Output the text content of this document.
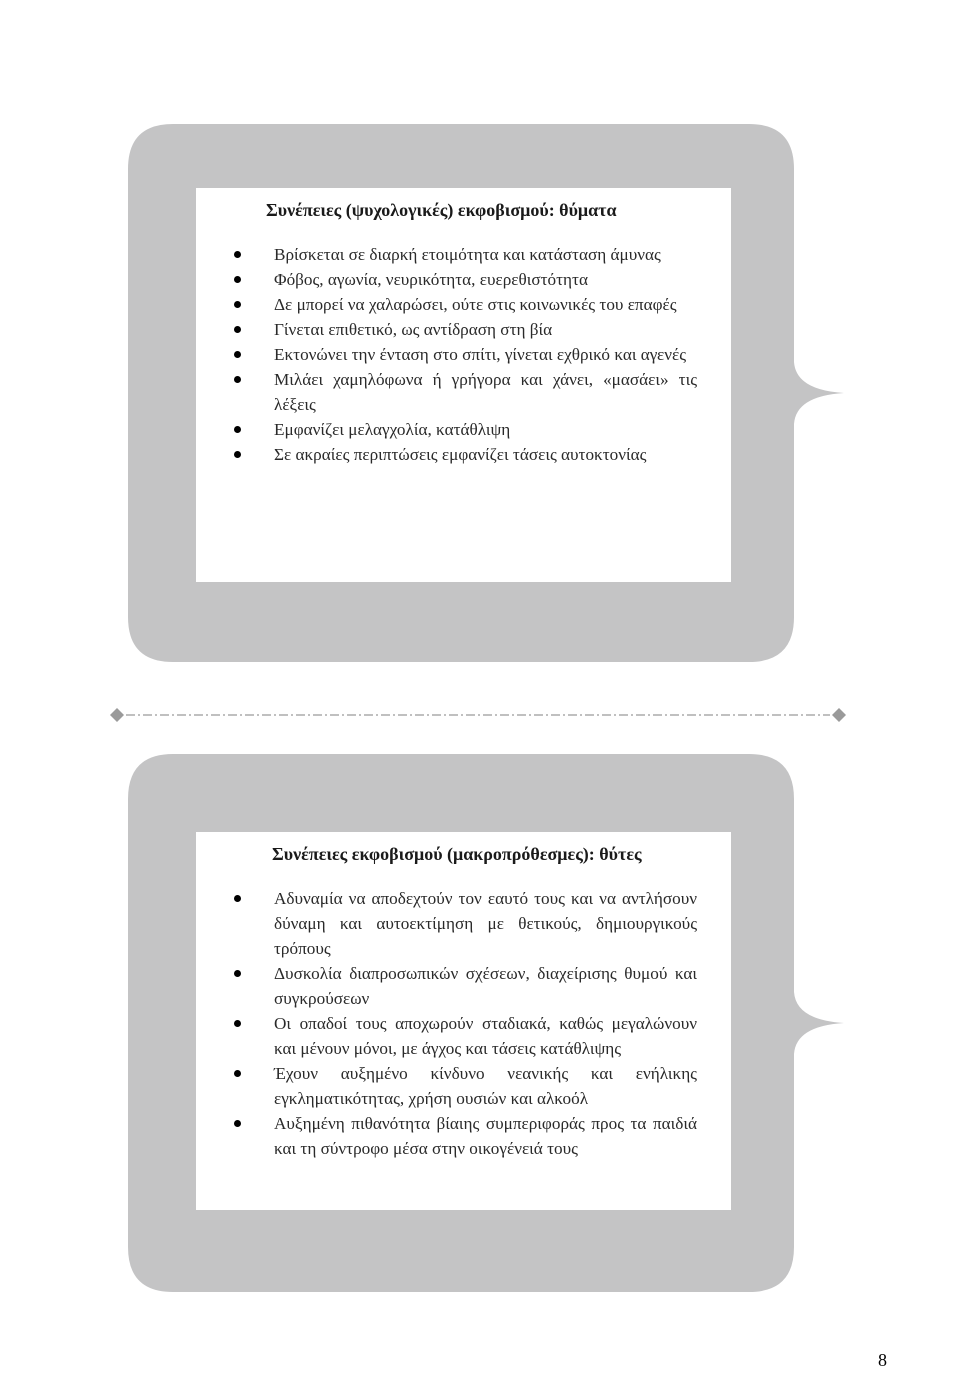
Συνέπειες (ψυχολογικές) εκφοβισμού: θύματα
Βρίσκεται σε διαρκή ετοιμότητα και κατάσταση άμυνας
Φόβος, αγωνία, νευρικότητα, ευερεθιστότητα
Δε μπορεί να χαλαρώσει, ούτε στις κοινωνικές του επαφές
Γίνεται επιθετικό, ως αντίδραση στη βία
Εκτονώνει την ένταση στο σπίτι, γίνεται εχθρικό και αγενές
Μιλάει χαμηλόφωνα ή γρήγορα και χάνει, «μασάει» τις λέξεις
Εμφανίζει μελαγχολία, κατάθλιψη
Σε ακραίες περιπτώσεις εμφανίζει τάσεις αυτοκτονίας
Συνέπειες εκφοβισμού (μακροπρόθεσμες): θύτες
Αδυναμία να αποδεχτούν τον εαυτό τους και να αντλήσουν δύναμη και αυτοεκτίμηση με θετικούς, δημιουργικούς τρόπους
Δυσκολία διαπροσωπικών σχέσεων, διαχείρισης θυμού και συγκρούσεων
Οι οπαδοί τους αποχωρούν σταδιακά, καθώς μεγαλώνουν και μένουν μόνοι, με άγχος και τάσεις κατάθλιψης
Έχουν αυξημένο κίνδυνο νεανικής και ενήλικης εγκληματικότητας, χρήση ουσιών και αλκοόλ
Αυξημένη πιθανότητα βίαιης συμπεριφοράς προς τα παιδιά και τη σύντροφο μέσα στην οικογένειά τους
8
